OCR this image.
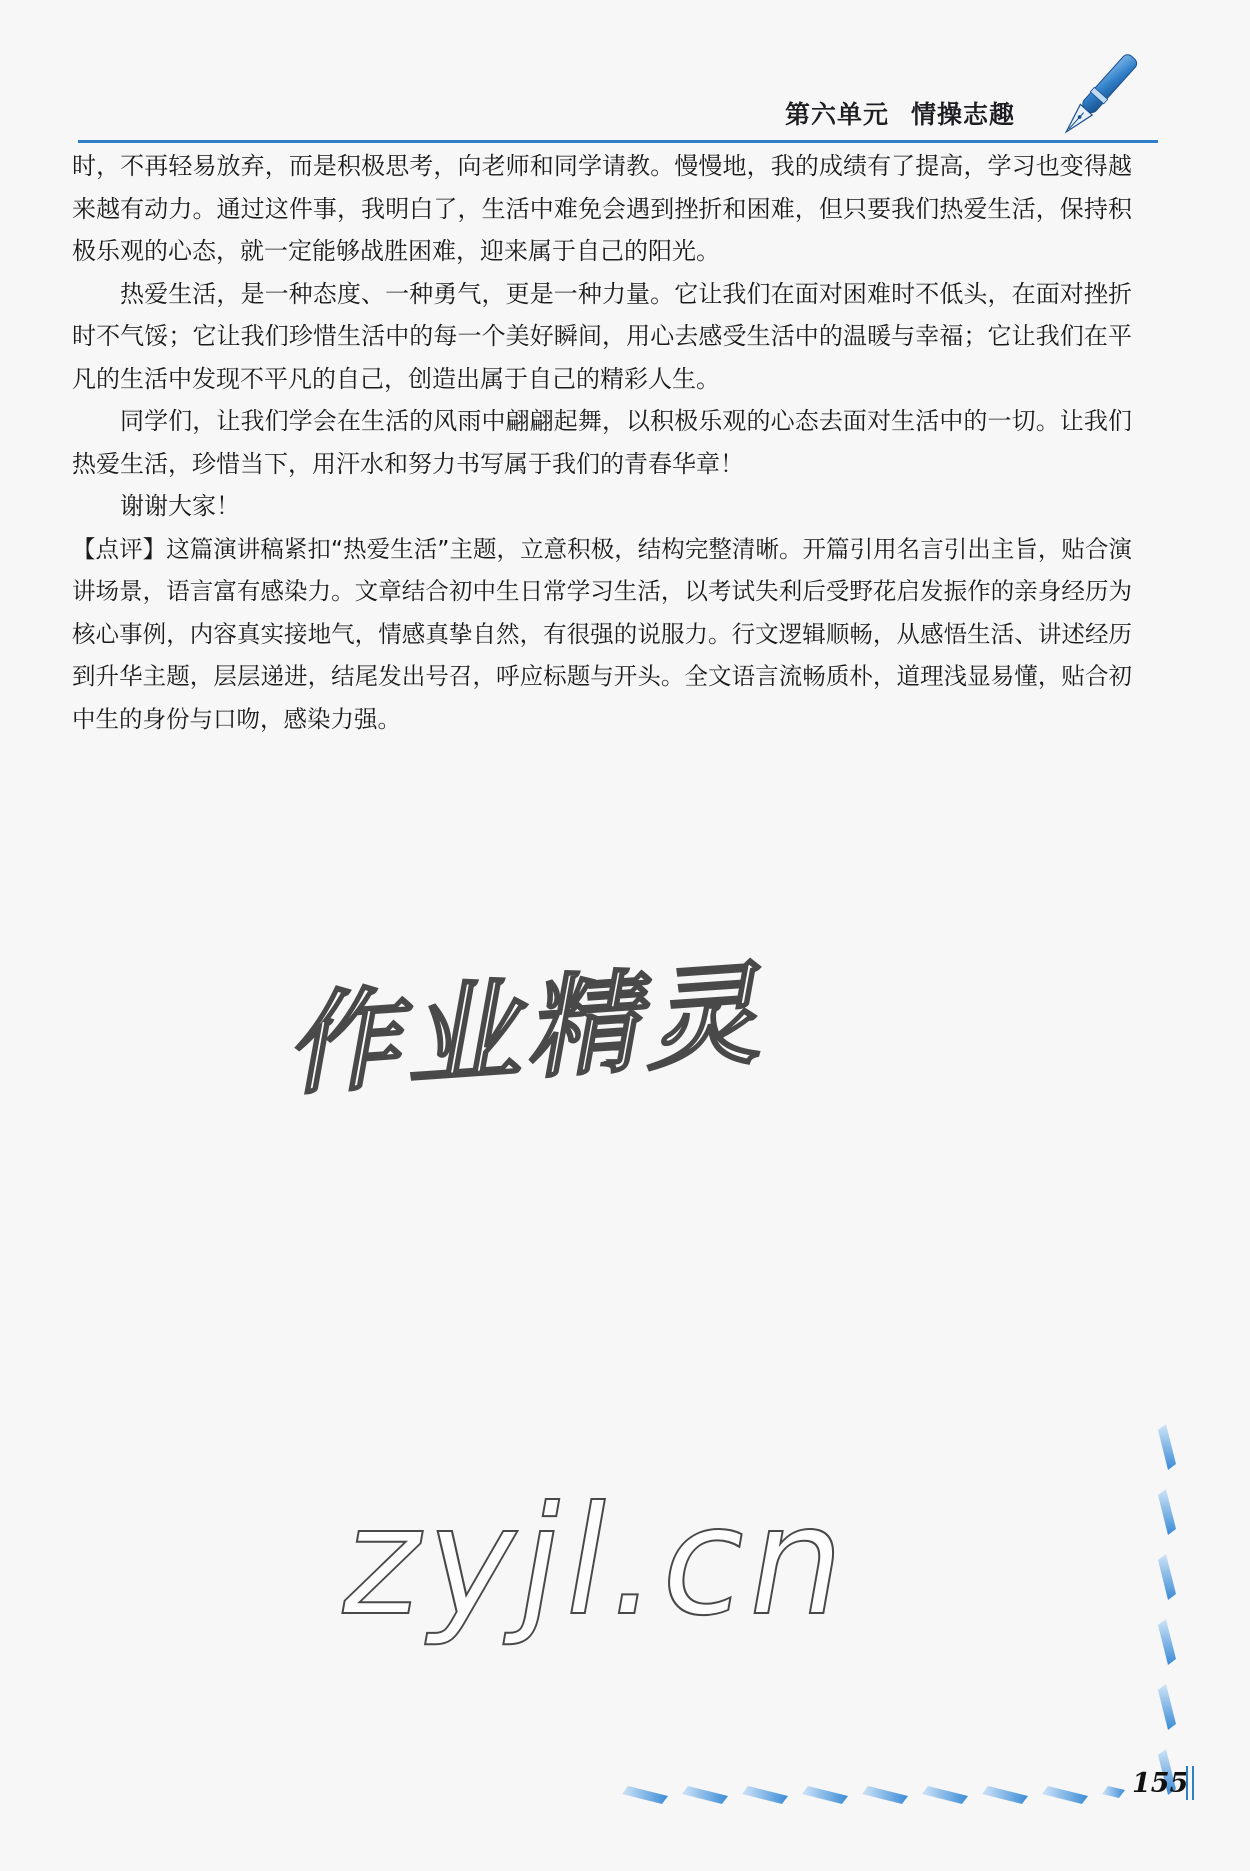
第六单元 情操志趣

时，不再轻易放弃，而是积极思考，向老师和同学请教。慢慢地，我的成绩有了提高，学习也变得越来越有动力。通过这件事，我明白了，生活中难免会遇到挫折和困难，但只要我们热爱生活，保持积极乐观的心态，就一定能够战胜困难，迎来属于自己的阳光。

热爱生活，是一种态度、一种勇气，更是一种力量。它让我们在面对困难时不低头，在面对挫折时不气馁；它让我们珍惜生活中的每一个美好瞬间，用心去感受生活中的温暖与幸福；它让我们在平凡的生活中发现不平凡的自己，创造出属于自己的精彩人生。

同学们，让我们学会在生活的风雨中翩翩起舞，以积极乐观的心态去面对生活中的一切。让我们热爱生活，珍惜当下，用汗水和努力书写属于我们的青春华章！

谢谢大家！

【点评】这篇演讲稿紧扣“热爱生活”主题，立意积极，结构完整清晰。开篇引用名言引出主旨，贴合演讲场景，语言富有感染力。文章结合初中生日常学习生活，以考试失利后受野花启发振作的亲身经历为核心事例，内容真实接地气，情感真挚自然，有很强的说服力。行文逻辑顺畅，从感悟生活、讲述经历到升华主题，层层递进，结尾发出号召，呼应标题与开头。全文语言流畅质朴，道理浅显易懂，贴合初中生的身份与口吻，感染力强。

作业精灵
zyjl.cn
155
